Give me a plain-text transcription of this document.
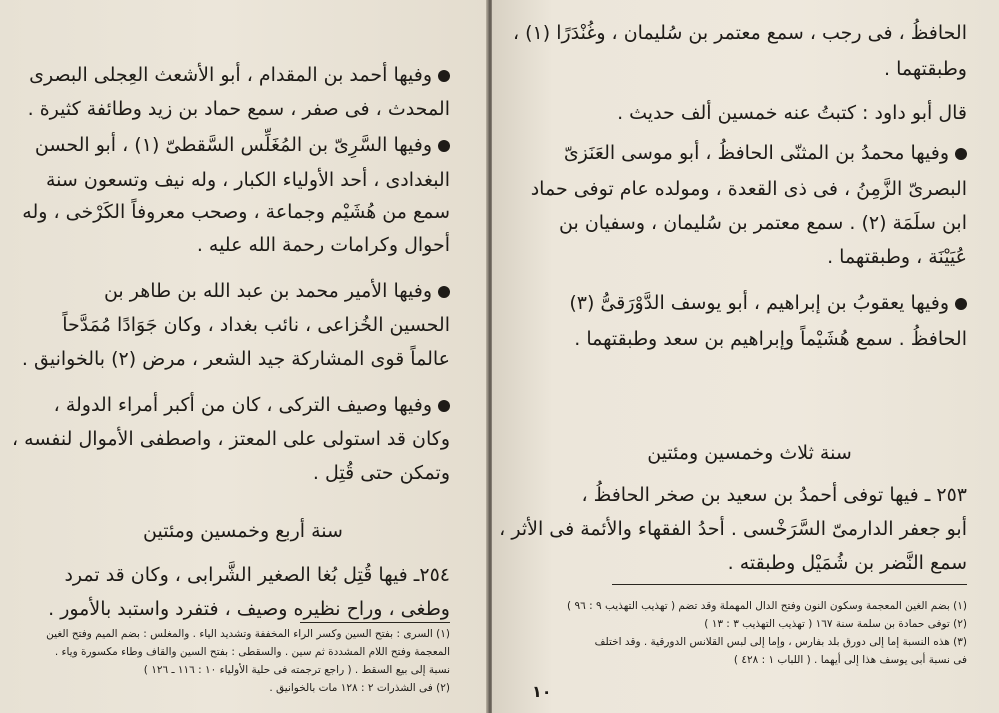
وفيها أحمد بن المقدام ، أبو الأشعث العِجلى البصرى
المحدث ، فى صفر ، سمع حماد بن زيد وطائفة كثيرة .
وفيها السَّرِىّ بن المُغَلِّس السَّقطىّ (١) ، أبو الحسن
البغدادى ، أحد الأولياء الكبار ، وله نيف وتسعون سنة
سمع من هُشَيْم وجماعة ، وصحب معروفاً الكَرْخى ، وله
أحوال وكرامات رحمة الله عليه .
وفيها الأمير محمد بن عبد الله بن طاهر بن
الحسين الخُزاعى ، نائب بغداد ، وكان جَوَادًا مُمَدَّحاً
عالماً قوى المشاركة جيد الشعر ، مرض (٢) بالخوانيق .
وفيها وصيف التركى ، كان من أكبر أمراء الدولة ،
وكان قد استولى على المعتز ، واصطفى الأموال لنفسه ،
وتمكن حتى قُتِل .
سنة أربع وخمسين ومئتين
٢٥٤ـ فيها قُتِل بُغا الصغير الشَّرابى ، وكان قد تمرد
وطغى ، وراح نظيره وصيف ، فتفرد واستبد بالأمور .
(١) السرى : بفتح السين وكسر الراء المخففة وتشديد الياء . والمغلس : بضم الميم وفتح الغين
المعجمة وفتح اللام المشددة ثم سين . والسقطى : بفتح السين والقاف وطاء مكسورة وياء .
نسبة إلى بيع السقط . ( راجع ترجمته فى حلية الأولياء ١٠ : ١١٦ ـ ١٢٦ )
(٢) فى الشذرات ٢ : ١٢٨ مات بالخوانيق .
الحافظُ ، فى رجب ، سمع معتمر بن سُليمان ، وغُنْدَرًا (١) ،
وطبقتهما .
قال أبو داود : كتبتُ عنه خمسين ألف حديث .
وفيها محمدُ بن المثنّى الحافظُ ، أبو موسى العَنَزىّ
البصرىّ الزَّمِنُ ، فى ذى القعدة ، ومولده عام توفى حماد
ابن سلَمَة (٢) . سمع معتمر بن سُليمان ، وسفيان بن
عُيَيْنَة ، وطبقتهما .
وفيها يعقوبُ بن إبراهيم ، أبو يوسف الدَّوْرَقىُّ (٣)
الحافظُ . سمع هُشَيْماً وإبراهيم بن سعد وطبقتهما .
سنة ثلاث وخمسين ومئتين
٢٥٣ ـ فيها توفى أحمدُ بن سعيد بن صخر الحافظُ ،
أبو جعفر الدارمىّ السَّرَخْسى . أحدُ الفقهاء والأئمة فى الأثر ،
سمع النَّضر بن شُمَيْل وطبقته .
(١) بضم الغين المعجمة وسكون النون وفتح الدال المهملة وقد تضم ( تهذيب التهذيب ٩ : ٩٦ )
(٢) توفى حمادة بن سلمة سنة ١٦٧ ( تهذيب التهذيب ٣ : ١٣ )
(٣) هذه النسبة إما إلى دورق بلد بفارس ، وإما إلى لبس القلانس الدورقية . وقد اختلف
فى نسبة أبى يوسف هذا إلى أيهما . ( اللباب ١ : ٤٢٨ )
١٠
